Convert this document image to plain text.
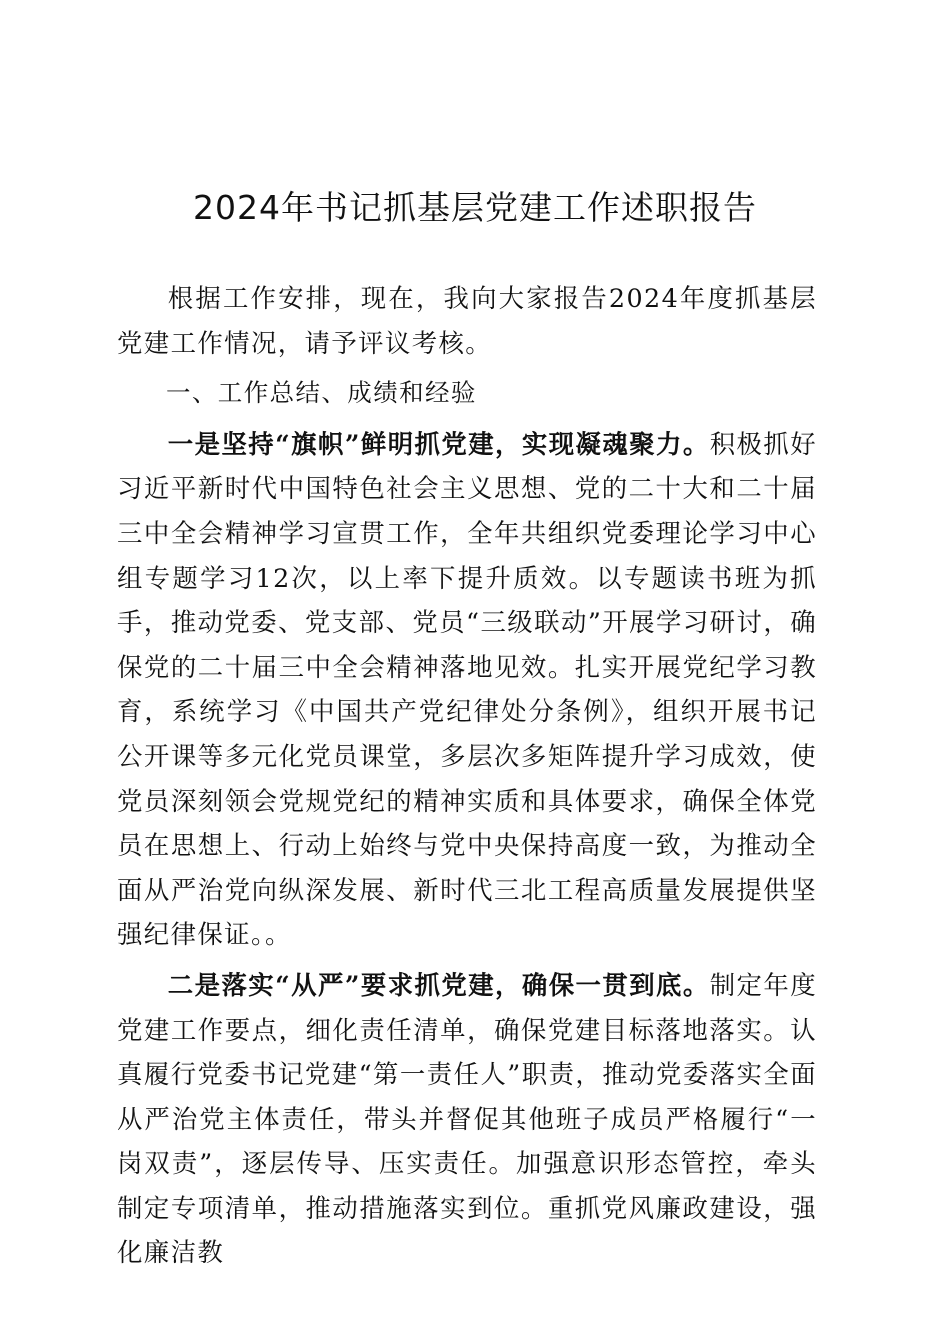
2024年书记抓基层党建工作述职报告

根据工作安排，现在，我向大家报告2024年度抓基层党建工作情况，请予评议考核。

一、工作总结、成绩和经验

一是坚持“旗帜”鲜明抓党建，实现凝魂聚力。积极抓好习近平新时代中国特色社会主义思想、党的二十大和二十届三中全会精神学习宣贯工作，全年共组织党委理论学习中心组专题学习12次，以上率下提升质效。以专题读书班为抓手，推动党委、党支部、党员“三级联动”开展学习研讨，确保党的二十届三中全会精神落地见效。扎实开展党纪学习教育，系统学习《中国共产党纪律处分条例》，组织开展书记公开课等多元化党员课堂，多层次多矩阵提升学习成效，使党员深刻领会党规党纪的精神实质和具体要求，确保全体党员在思想上、行动上始终与党中央保持高度一致，为推动全面从严治党向纵深发展、新时代三北工程高质量发展提供坚强纪律保证。。

二是落实“从严”要求抓党建，确保一贯到底。制定年度党建工作要点，细化责任清单，确保党建目标落地落实。认真履行党委书记党建“第一责任人”职责，推动党委落实全面从严治党主体责任，带头并督促其他班子成员严格履行“一岗双责”，逐层传导、压实责任。加强意识形态管控，牵头制定专项清单，推动措施落实到位。重抓党风廉政建设，强化廉洁教
